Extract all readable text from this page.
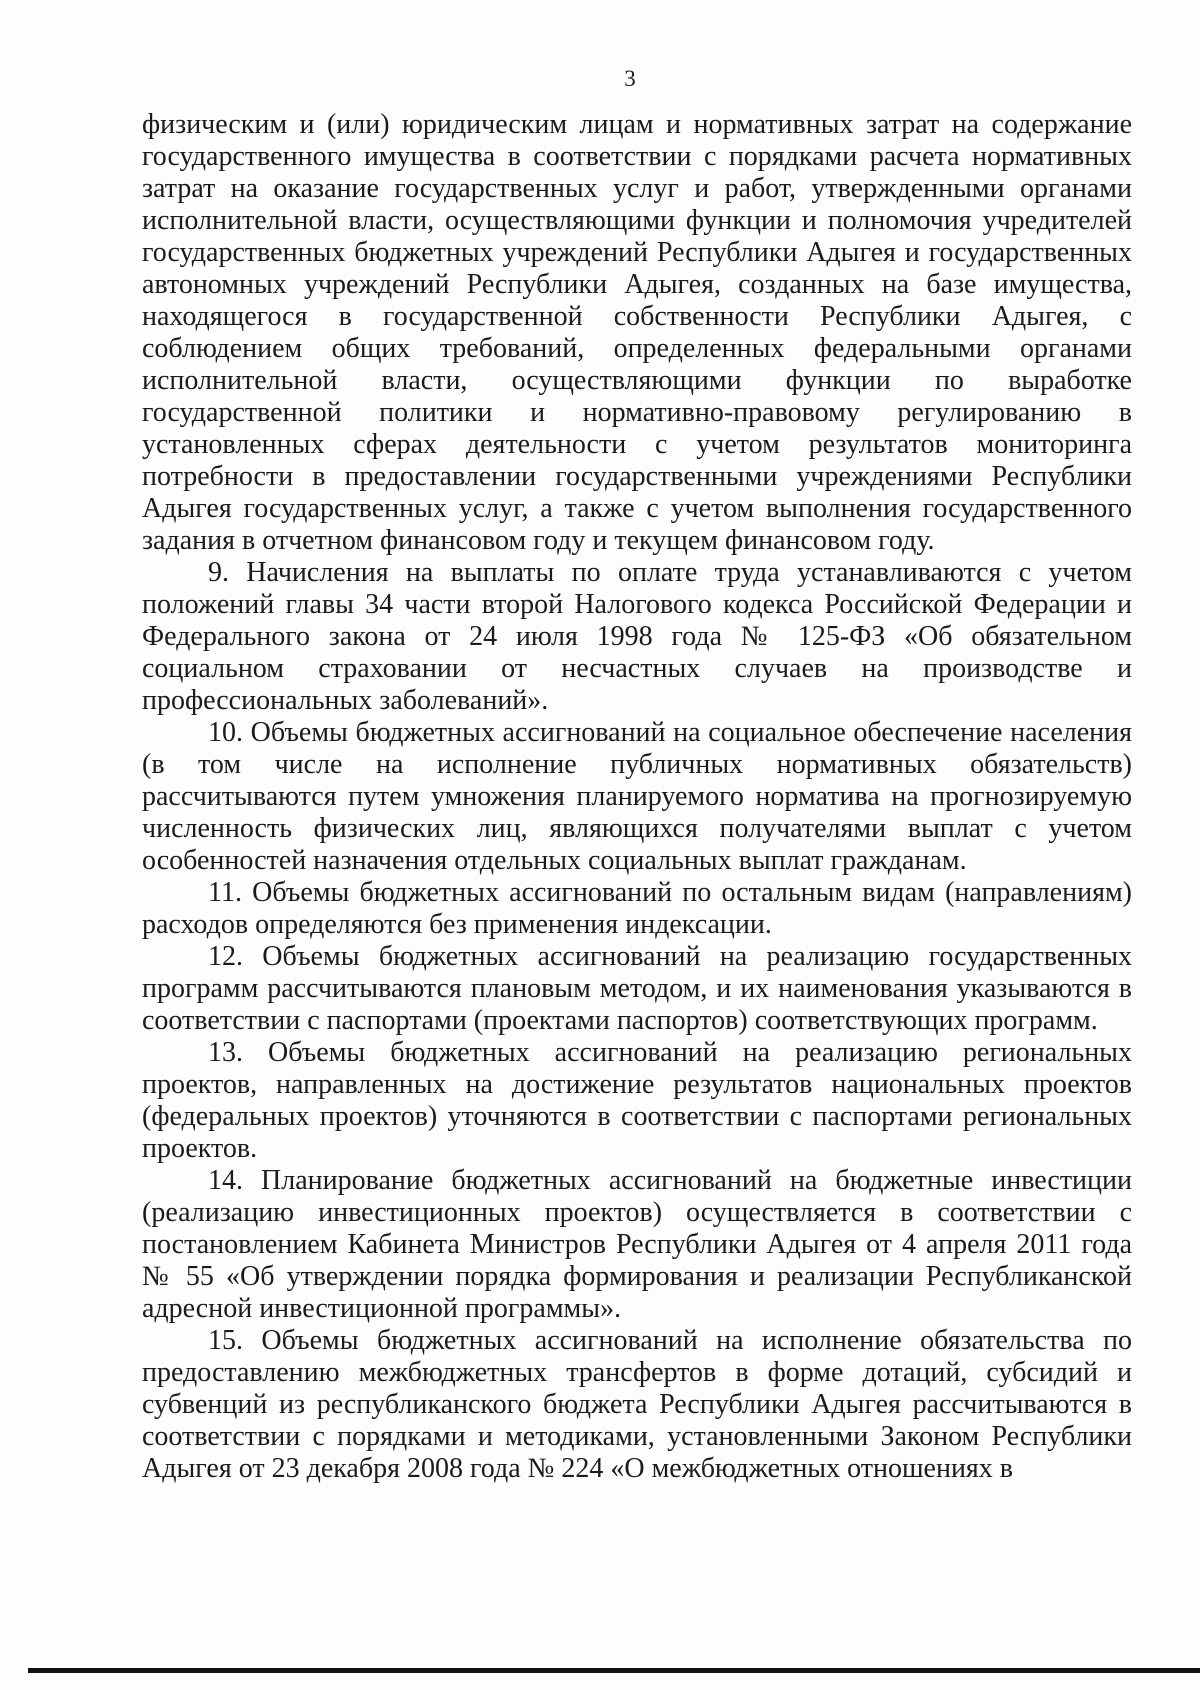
3

физическим и (или) юридическим лицам и нормативных затрат на содержание государственного имущества в соответствии с порядками расчета нормативных затрат на оказание государственных услуг и работ, утвержденными органами исполнительной власти, осуществляющими функции и полномочия учредителей государственных бюджетных учреждений Республики Адыгея и государственных автономных учреждений Республики Адыгея, созданных на базе имущества, находящегося в государственной собственности Республики Адыгея, с соблюдением общих требований, определенных федеральными органами исполнительной власти, осуществляющими функции по выработке государственной политики и нормативно-правовому регулированию в установленных сферах деятельности с учетом результатов мониторинга потребности в предоставлении государственными учреждениями Республики Адыгея государственных услуг, а также с учетом выполнения государственного задания в отчетном финансовом году и текущем финансовом году.

9. Начисления на выплаты по оплате труда устанавливаются с учетом положений главы 34 части второй Налогового кодекса Российской Федерации и Федерального закона от 24 июля 1998 года № 125-ФЗ «Об обязательном социальном страховании от несчастных случаев на производстве и профессиональных заболеваний».

10. Объемы бюджетных ассигнований на социальное обеспечение населения (в том числе на исполнение публичных нормативных обязательств) рассчитываются путем умножения планируемого норматива на прогнозируемую численность физических лиц, являющихся получателями выплат с учетом особенностей назначения отдельных социальных выплат гражданам.

11. Объемы бюджетных ассигнований по остальным видам (направлениям) расходов определяются без применения индексации.

12. Объемы бюджетных ассигнований на реализацию государственных программ рассчитываются плановым методом, и их наименования указываются в соответствии с паспортами (проектами паспортов) соответствующих программ.

13. Объемы бюджетных ассигнований на реализацию региональных проектов, направленных на достижение результатов национальных проектов (федеральных проектов) уточняются в соответствии с паспортами региональных проектов.

14. Планирование бюджетных ассигнований на бюджетные инвестиции (реализацию инвестиционных проектов) осуществляется в соответствии с постановлением Кабинета Министров Республики Адыгея от 4 апреля 2011 года № 55 «Об утверждении порядка формирования и реализации Республиканской адресной инвестиционной программы».

15. Объемы бюджетных ассигнований на исполнение обязательства по предоставлению межбюджетных трансфертов в форме дотаций, субсидий и субвенций из республиканского бюджета Республики Адыгея рассчитываются в соответствии с порядками и методиками, установленными Законом Республики Адыгея от 23 декабря 2008 года № 224 «О межбюджетных отношениях в
